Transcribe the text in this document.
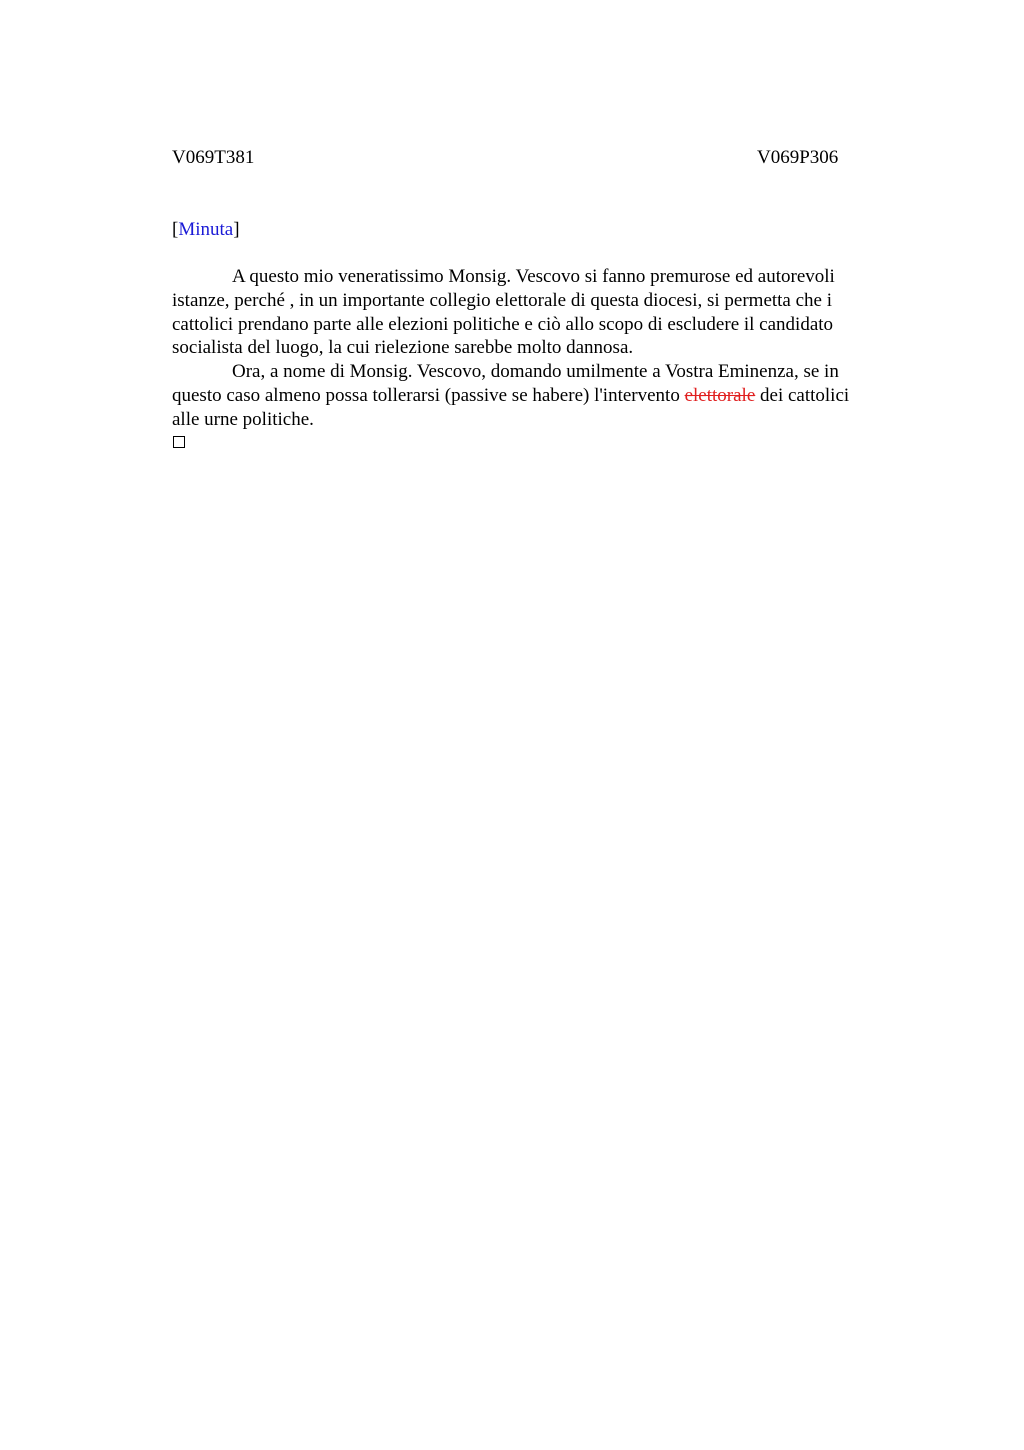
V069T381	V069P306
[Minuta]

A questo mio veneratissimo Monsig. Vescovo si fanno premurose ed autorevoli
istanze, perché , in un importante collegio elettorale di questa diocesi, si permetta che i
cattolici prendano parte alle elezioni politiche e ciò allo scopo di escludere il candidato
socialista del luogo, la cui rielezione sarebbe molto dannosa.

Ora, a nome di Monsig. Vescovo, domando umilmente a Vostra Eminenza, se in
questo caso almeno possa tollerarsi (passive se habere) l'intervento elettorale dei cattolici
alle urne politiche.
